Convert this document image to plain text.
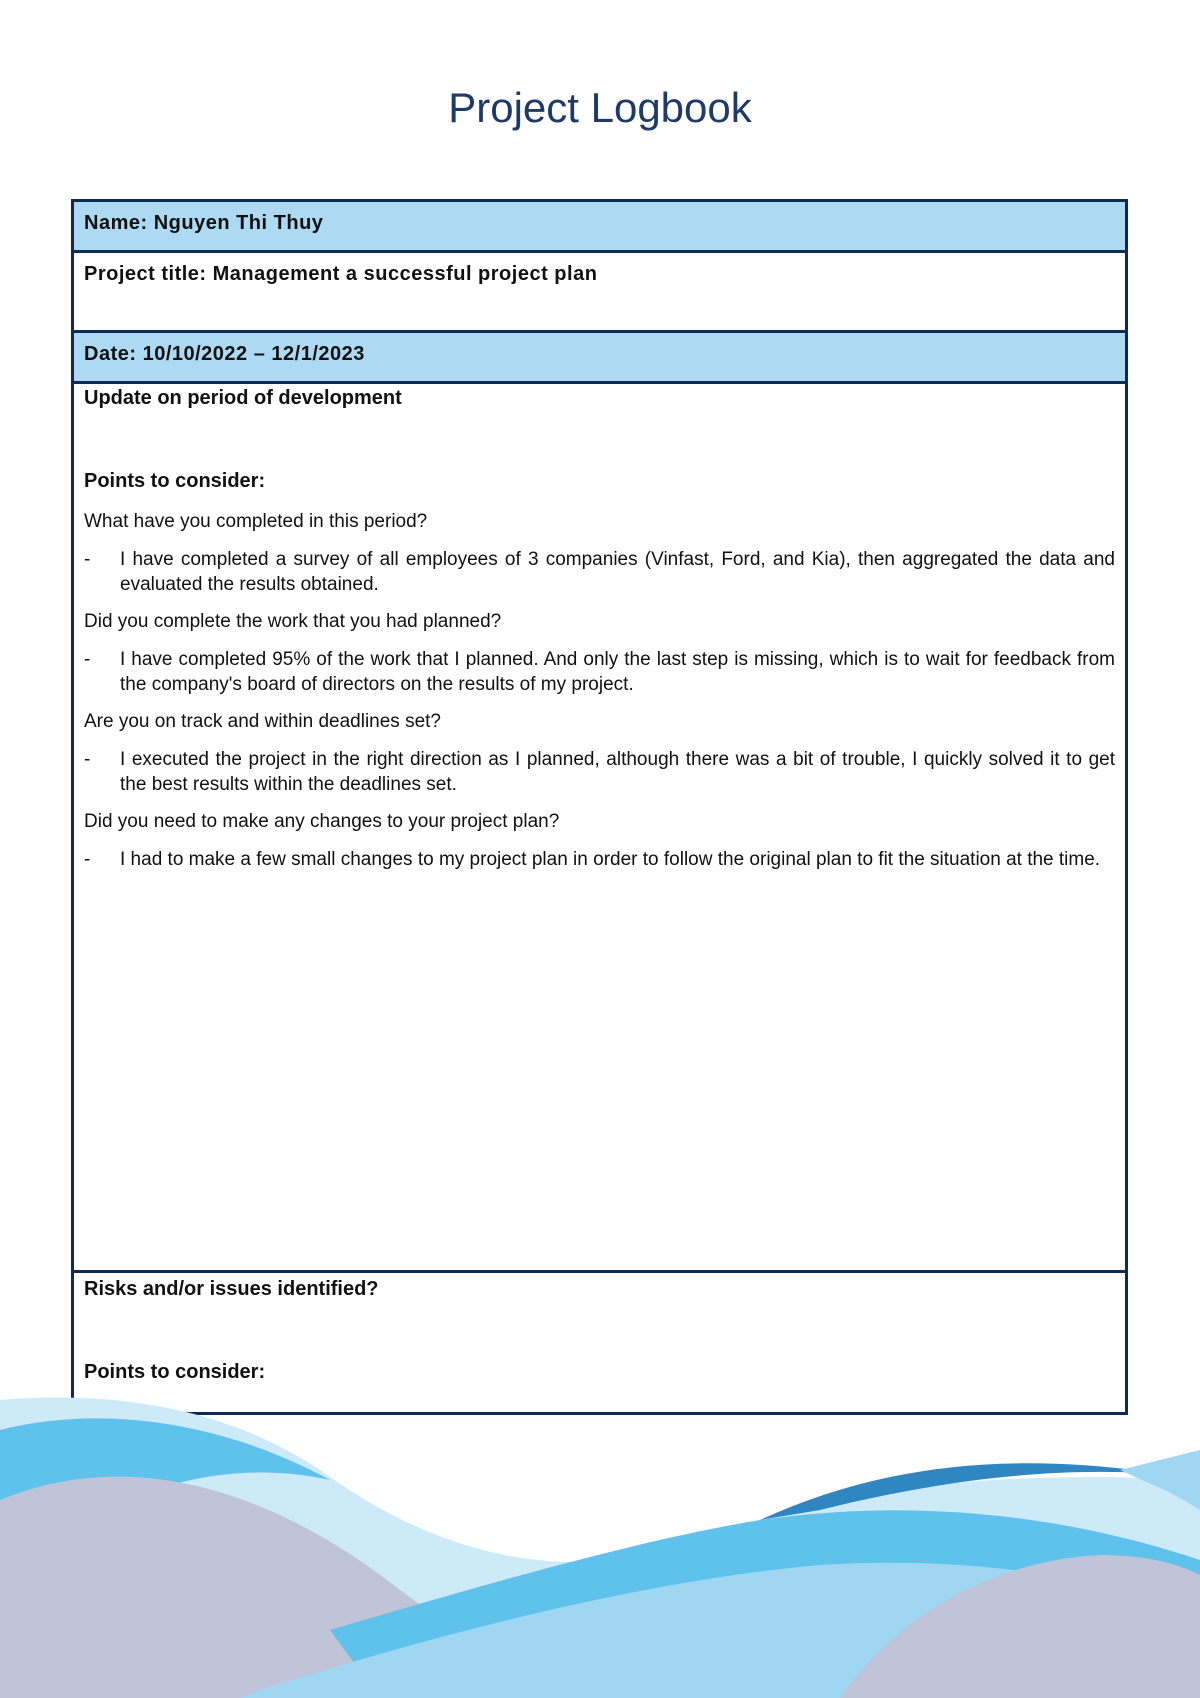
Project Logbook
Name: Nguyen Thi Thuy
Project title: Management a successful project plan
Date: 10/10/2022 – 12/1/2023

Update on period of development

Points to consider:

What have you completed in this period?

- I have completed a survey of all employees of 3 companies (Vinfast, Ford, and Kia), then aggregated the data and evaluated the results obtained.

Did you complete the work that you had planned?

- I have completed 95% of the work that I planned. And only the last step is missing, which is to wait for feedback from the company's board of directors on the results of my project.

Are you on track and within deadlines set?

- I executed the project in the right direction as I planned, although there was a bit of trouble, I quickly solved it to get the best results within the deadlines set.

Did you need to make any changes to your project plan?

- I had to make a few small changes to my project plan in order to follow the original plan to fit the situation at the time.

Risks and/or issues identified?

Points to consider:
